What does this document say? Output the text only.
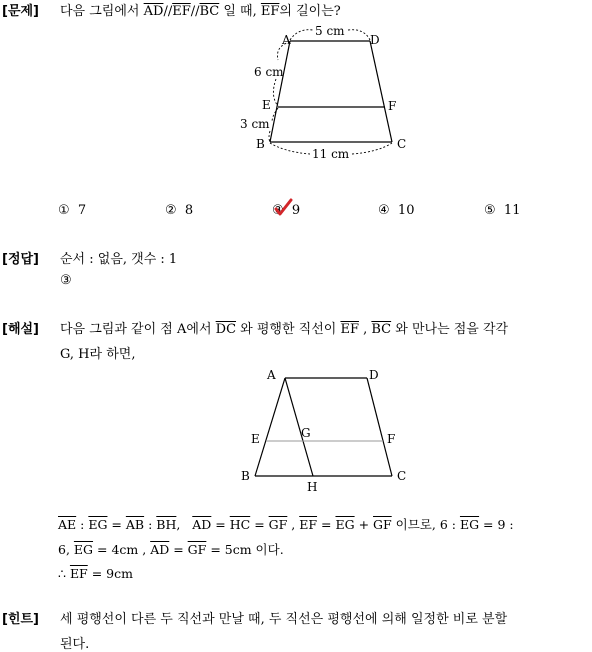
[문제] 다음 그림에서 $\overline{AD}//\overline{EF}//\overline{BC}$ 일 때, $\overline{EF}$의 길이는?
A	D
E	F
B	C
5 cm
6 cm
3 cm
11 cm
① 7	② 8	③ 9	④ 10	⑤ 11
[정답] 순서 : 없음, 갯수 : 1
③
[해설] 다음 그림과 같이 점 A에서 $\overline{DC}$ 와 평행한 직선이 $\overline{EF}$ , $\overline{BC}$ 와 만나는 점을 각각
G, H라 하면,
A	D
E	G	F
B
H
C
$\overline{AE}$ : $\overline{EG} = \overline{AB}$ : $\overline{BH}$,   $\overline{AD} = \overline{HC} = \overline{GF}$ , $\overline{EF} = \overline{EG} + \overline{GF}$ 이므로, 6 : $\overline{EG} = 9$ :
6, $\overline{EG} = 4cm$ , $\overline{AD} = \overline{GF} = 5cm$ 이다.
∴ $\overline{EF} = 9cm$
[힌트] 세 평행선이 다른 두 직선과 만날 때, 두 직선은 평행선에 의해 일정한 비로 분할
된다.
